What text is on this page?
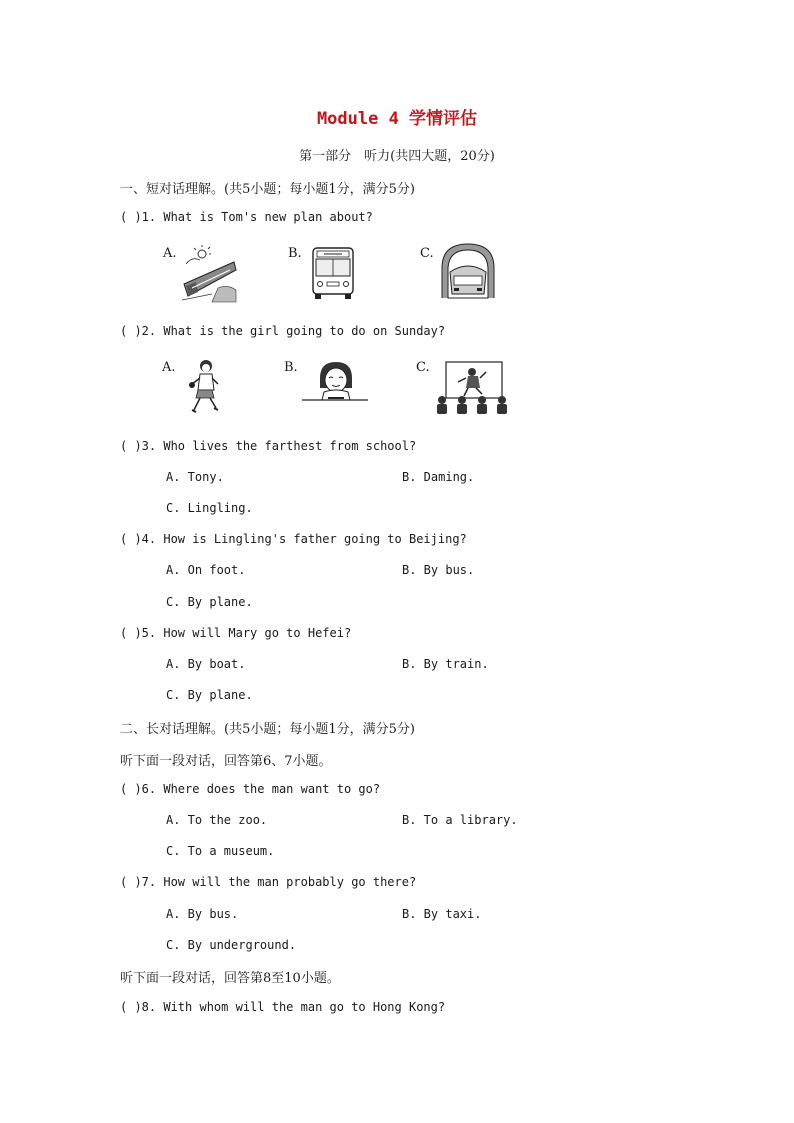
Module 4 学情评估
第一部分　听力(共四大题，20分)
一、短对话理解。(共5小题；每小题1分，满分5分)
( )1. What is Tom's new plan about?
A.	B.	C.
( )2. What is the girl going to do on Sunday?
A.	B.	C.
( )3. Who lives the farthest from school?
A. Tony.	B. Daming.
C. Lingling.
( )4. How is Lingling's father going to Beijing?
A. On foot.	B. By bus.
C. By plane.
( )5. How will Mary go to Hefei?
A. By boat.	B. By train.
C. By plane.
二、长对话理解。(共5小题；每小题1分，满分5分)
听下面一段对话，回答第6、7小题。
( )6. Where does the man want to go?
A. To the zoo.	B. To a library.
C. To a museum.
( )7. How will the man probably go there?
A. By bus.	B. By taxi.
C. By underground.
听下面一段对话，回答第8至10小题。
( )8. With whom will the man go to Hong Kong?
